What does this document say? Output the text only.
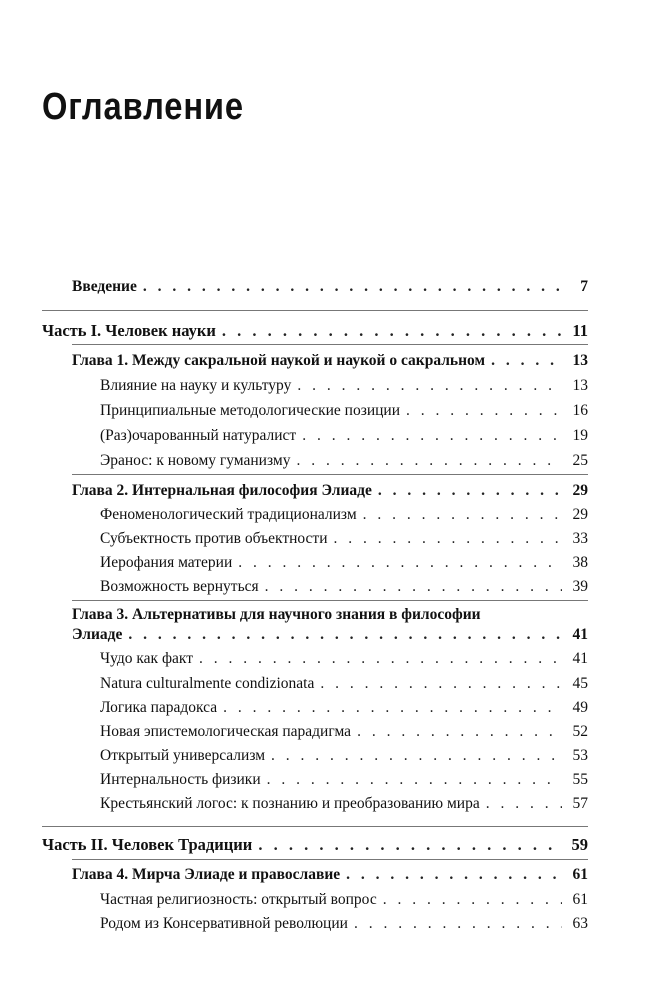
Оглавление
Введение . . .	7
Часть I. Человек науки . . .	11
Глава 1. Между сакральной наукой и наукой о сакральном . . .	13
Влияние на науку и культуру . . .	13
Принципиальные методологические позиции . . .	16
(Раз)очарованный натуралист . . .	19
Эранос: к новому гуманизму . . .	25
Глава 2. Интернальная философия Элиаде . . .	29
Феноменологический традиционализм . . .	29
Субъектность против объектности . . .	33
Иерофания материи . . .	38
Возможность вернуться . . .	39
Глава 3. Альтернативы для научного знания в философии
Элиаде . . .	41
Чудо как факт . . .	41
Natura culturalmente condizionata . . .	45
Логика парадокса . . .	49
Новая эпистемологическая парадигма . . .	52
Открытый универсализм . . .	53
Интернальность физики . . .	55
Крестьянский логос: к познанию и преобразованию мира . . .	57
Часть II. Человек Традиции . . .	59
Глава 4. Мирча Элиаде и православие . . .	61
Частная религиозность: открытый вопрос . . .	61
Родом из Консервативной революции . . .	63
